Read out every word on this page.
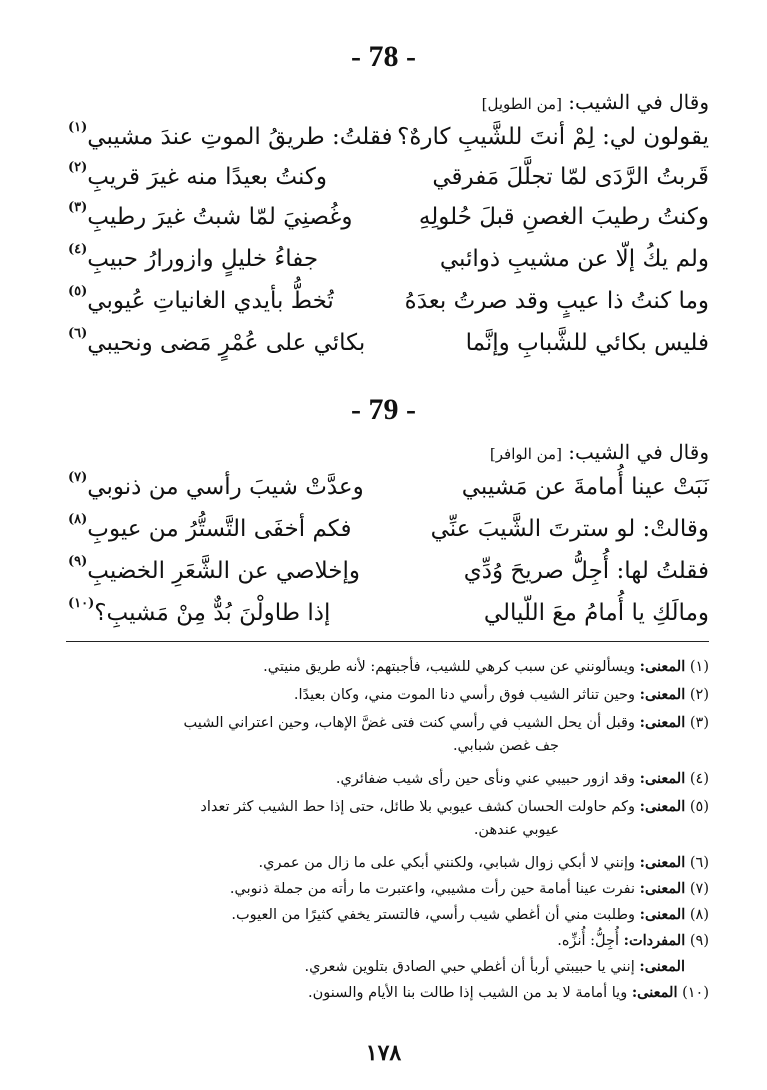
- 78 -
وقال في الشيب: [من الطويل]
يقولون لي: لِمْ أنتَ للشَّيبِ كارهٌ؟
فقلتُ: طريقُ الموتِ عندَ مشيبي$^{(١)}$
قَربتُ الرَّدَى لمّا تجلَّلَ مَفرقي
وكنتُ بعيدًا منه غيرَ قريبِ$^{(٢)}$
وكنتُ رطيبَ الغصنِ قبلَ حُلولِهِ
وغُصنِيَ لمّا شبتُ غيرَ رطيبِ$^{(٣)}$
ولم يكُ إلّا عن مشيبِ ذوائبي
جفاءُ خليلٍ وازورارُ حبيبِ$^{(٤)}$
وما كنتُ ذا عيبٍ وقد صرتُ بعدَهُ
تُخطُّ بأيدي الغانياتِ عُيوبي$^{(٥)}$
فليس بكائي للشَّبابِ وإنَّما
بكائي على عُمْرٍ مَضى ونحيبي$^{(٦)}$
- 79 -
وقال في الشيب: [من الوافر]
نَبَتْ عينا أُمامةَ عن مَشيبي
وعدَّتْ شيبَ رأسي من ذنوبي$^{(٧)}$
وقالتْ: لو سترتَ الشَّيبَ عنِّي
فكم أخفَى التَّستُّرُ من عيوبِ$^{(٨)}$
فقلتُ لها: أُجِلُّ صريحَ وُدِّي
وإخلاصي عن الشَّعَرِ الخضيبِ$^{(٩)}$
ومالَكِ يا أُمامُ معَ اللّيالي
إذا طاولْنَ بُدٌّ مِنْ مَشيبِ؟$^{(١٠)}$
(١) المعنى: ويسألونني عن سبب كرهي للشيب، فأجبتهم: لأنه طريق منيتي.
(٢) المعنى: وحين تناثر الشيب فوق رأسي دنا الموت مني، وكان بعيدًا.
(٣) المعنى: وقبل أن يحل الشيب في رأسي كنت فتى غضَّ الإهاب، وحين اعتراني الشيب
جف غصن شبابي.
(٤) المعنى: وقد ازور حبيبي عني ونأى حين رأى شيب ضفائري.
(٥) المعنى: وكم حاولت الحسان كشف عيوبي بلا طائل، حتى إذا حط الشيب كثر تعداد
عيوبي عندهن.
(٦) المعنى: وإنني لا أبكي زوال شبابي، ولكنني أبكي على ما زال من عمري.
(٧) المعنى: نفرت عينا أمامة حين رأت مشيبي، واعتبرت ما رأته من جملة ذنوبي.
(٨) المعنى: وطلبت مني أن أغطي شيب رأسي، فالتستر يخفي كثيرًا من العيوب.
(٩) المفردات: أُجِلُّ: أُنزِّه.
المعنى: إنني يا حبيبتي أربأ أن أغطي حبي الصادق بتلوين شعري.
(١٠) المعنى: ويا أمامة لا بد من الشيب إذا طالت بنا الأيام والسنون.
١٧٨
